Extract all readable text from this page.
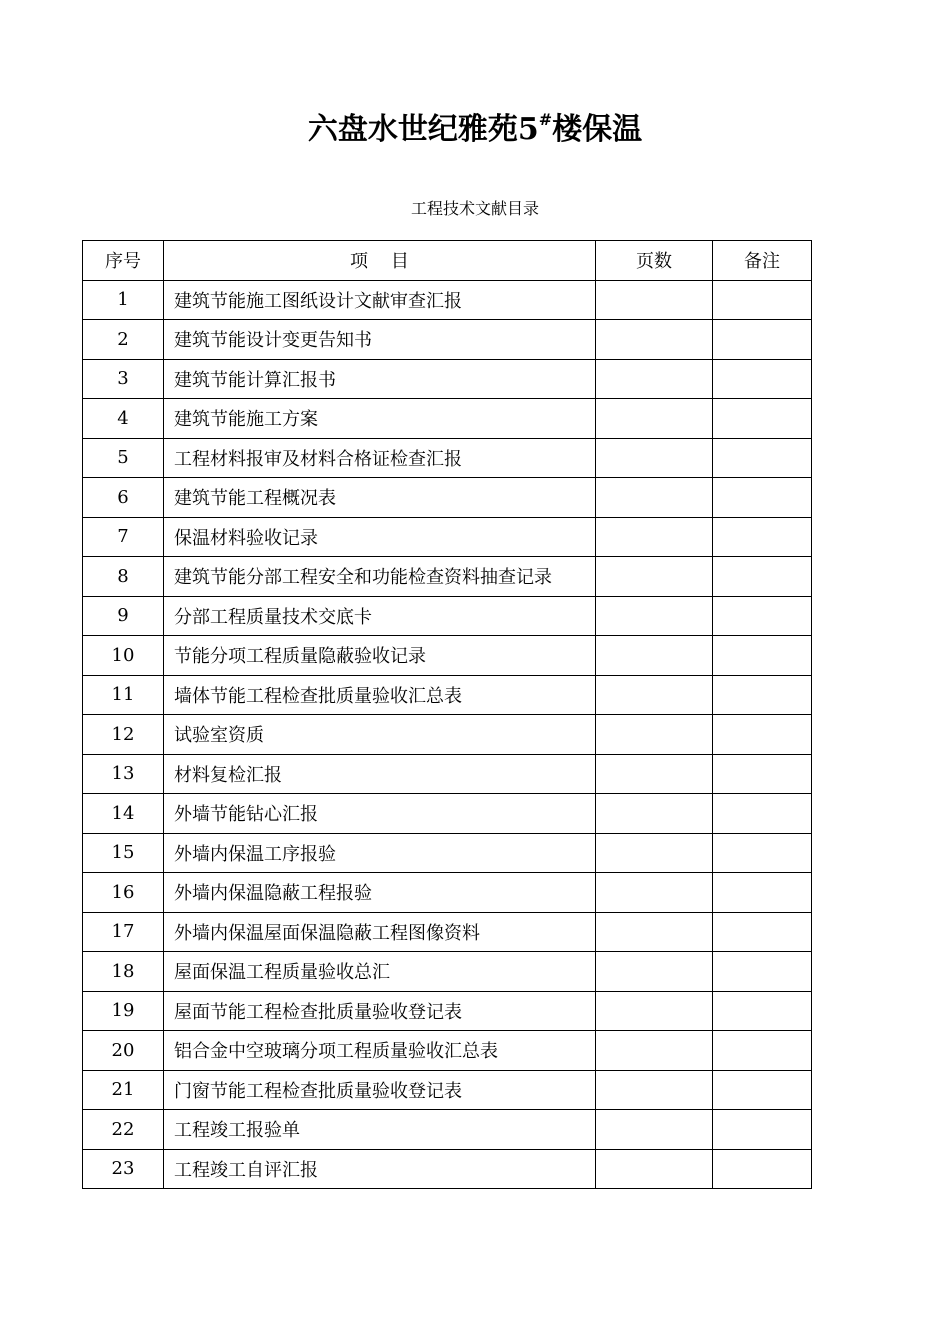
六盘水世纪雅苑5#楼保温
工程技术文献目录
序号	项    目	页数	备注
1	建筑节能施工图纸设计文献审查汇报		
2	建筑节能设计变更告知书		
3	建筑节能计算汇报书		
4	建筑节能施工方案		
5	工程材料报审及材料合格证检查汇报		
6	建筑节能工程概况表		
7	保温材料验收记录		
8	建筑节能分部工程安全和功能检查资料抽查记录		
9	分部工程质量技术交底卡		
10	节能分项工程质量隐蔽验收记录		
11	墙体节能工程检查批质量验收汇总表		
12	试验室资质		
13	材料复检汇报		
14	外墙节能钻心汇报		
15	外墙内保温工序报验		
16	外墙内保温隐蔽工程报验		
17	外墙内保温屋面保温隐蔽工程图像资料		
18	屋面保温工程质量验收总汇		
19	屋面节能工程检查批质量验收登记表		
20	铝合金中空玻璃分项工程质量验收汇总表		
21	门窗节能工程检查批质量验收登记表		
22	工程竣工报验单		
23	工程竣工自评汇报		
